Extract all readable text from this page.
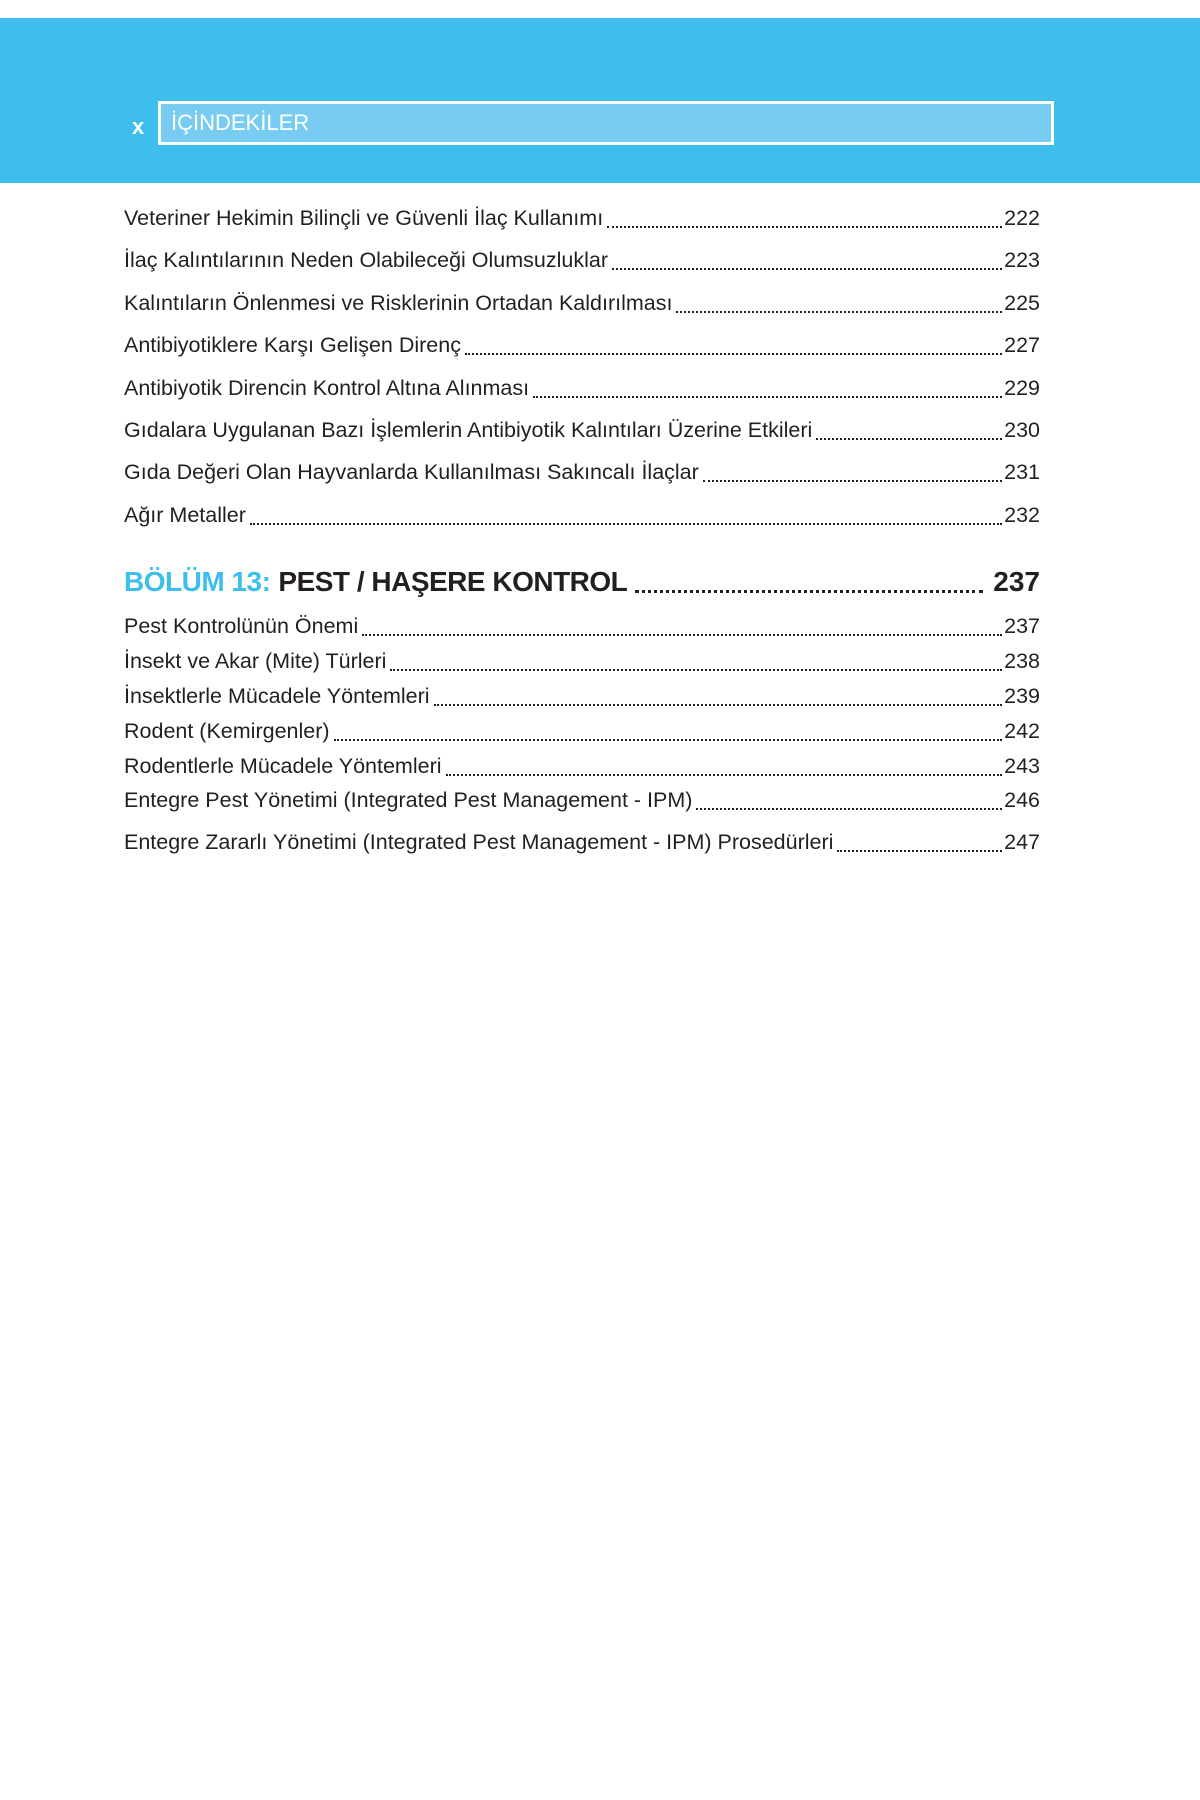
x	İÇİNDEKİLER
Veteriner Hekimin Bilinçli ve Güvenli İlaç Kullanımı	222
İlaç Kalıntılarının Neden Olabileceği Olumsuzluklar	223
Kalıntıların Önlenmesi ve Risklerinin Ortadan Kaldırılması	225
Antibiyotiklere Karşı Gelişen Direnç	227
Antibiyotik Direncin Kontrol Altına Alınması	229
Gıdalara Uygulanan Bazı İşlemlerin Antibiyotik Kalıntıları Üzerine Etkileri	230
Gıda Değeri Olan Hayvanlarda Kullanılması Sakıncalı İlaçlar	231
Ağır Metaller	232
BÖLÜM 13: PEST / HAŞERE KONTROL	237
Pest Kontrolünün Önemi	237
İnsekt ve Akar (Mite) Türleri	238
İnsektlerle Mücadele Yöntemleri	239
Rodent (Kemirgenler)	242
Rodentlerle Mücadele Yöntemleri	243
Entegre Pest Yönetimi (Integrated Pest Management - IPM)	246
Entegre Zararlı Yönetimi (Integrated Pest Management - IPM) Prosedürleri	247
